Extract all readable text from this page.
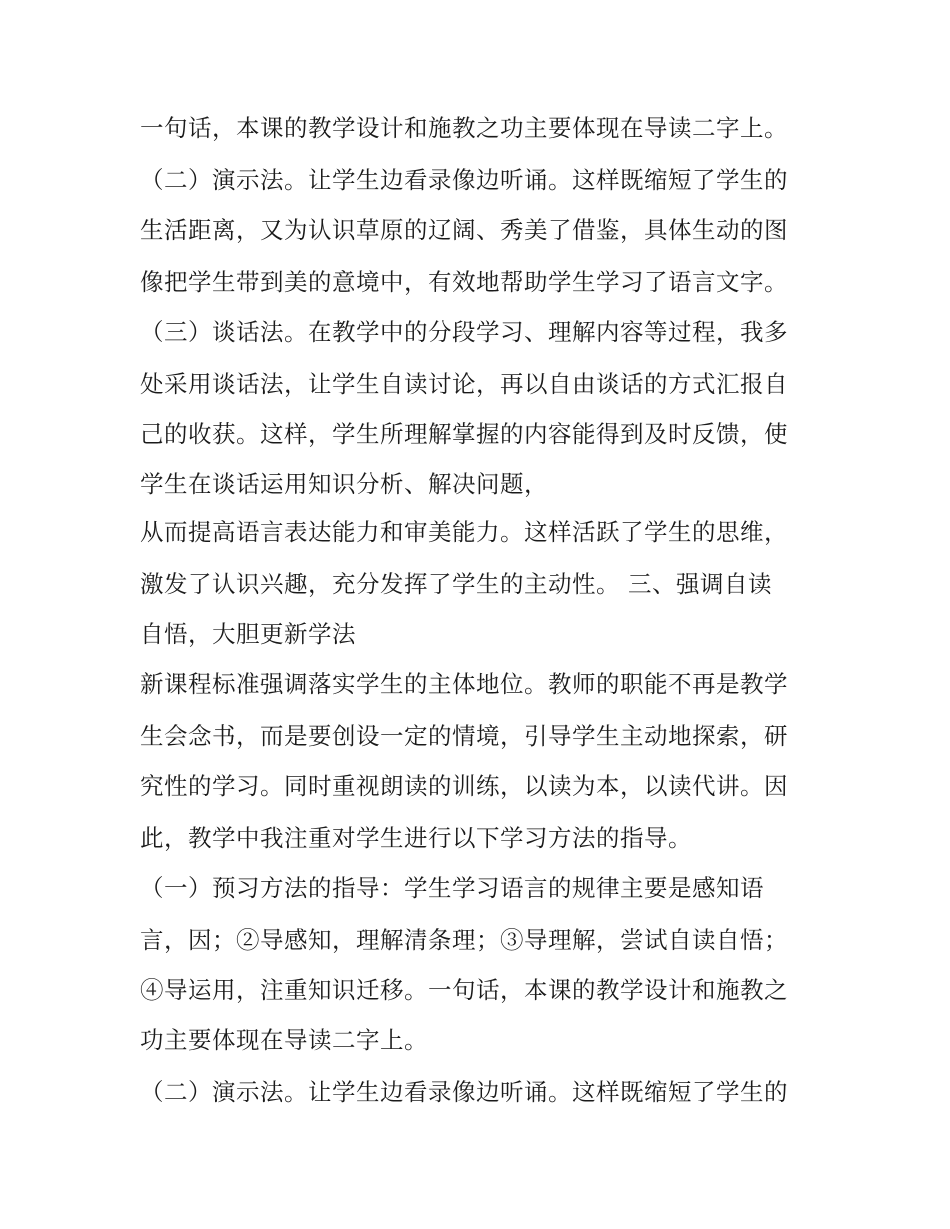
一句话，本课的教学设计和施教之功主要体现在导读二字上。
（二）演示法。让学生边看录像边听诵。这样既缩短了学生的
生活距离，又为认识草原的辽阔、秀美了借鉴，具体生动的图
像把学生带到美的意境中，有效地帮助学生学习了语言文字。
（三）谈话法。在教学中的分段学习、理解内容等过程，我多
处采用谈话法，让学生自读讨论，再以自由谈话的方式汇报自
己的收获。这样，学生所理解掌握的内容能得到及时反馈，使
学生在谈话运用知识分析、解决问题，
从而提高语言表达能力和审美能力。这样活跃了学生的思维，
激发了认识兴趣，充分发挥了学生的主动性。 三、强调自读
自悟，大胆更新学法
新课程标准强调落实学生的主体地位。教师的职能不再是教学
生会念书，而是要创设一定的情境，引导学生主动地探索，研
究性的学习。同时重视朗读的训练，以读为本，以读代讲。因
此，教学中我注重对学生进行以下学习方法的指导。
（一）预习方法的指导：学生学习语言的规律主要是感知语
言，因；②导感知，理解清条理；③导理解，尝试自读自悟；
④导运用，注重知识迁移。一句话，本课的教学设计和施教之
功主要体现在导读二字上。
（二）演示法。让学生边看录像边听诵。这样既缩短了学生的
